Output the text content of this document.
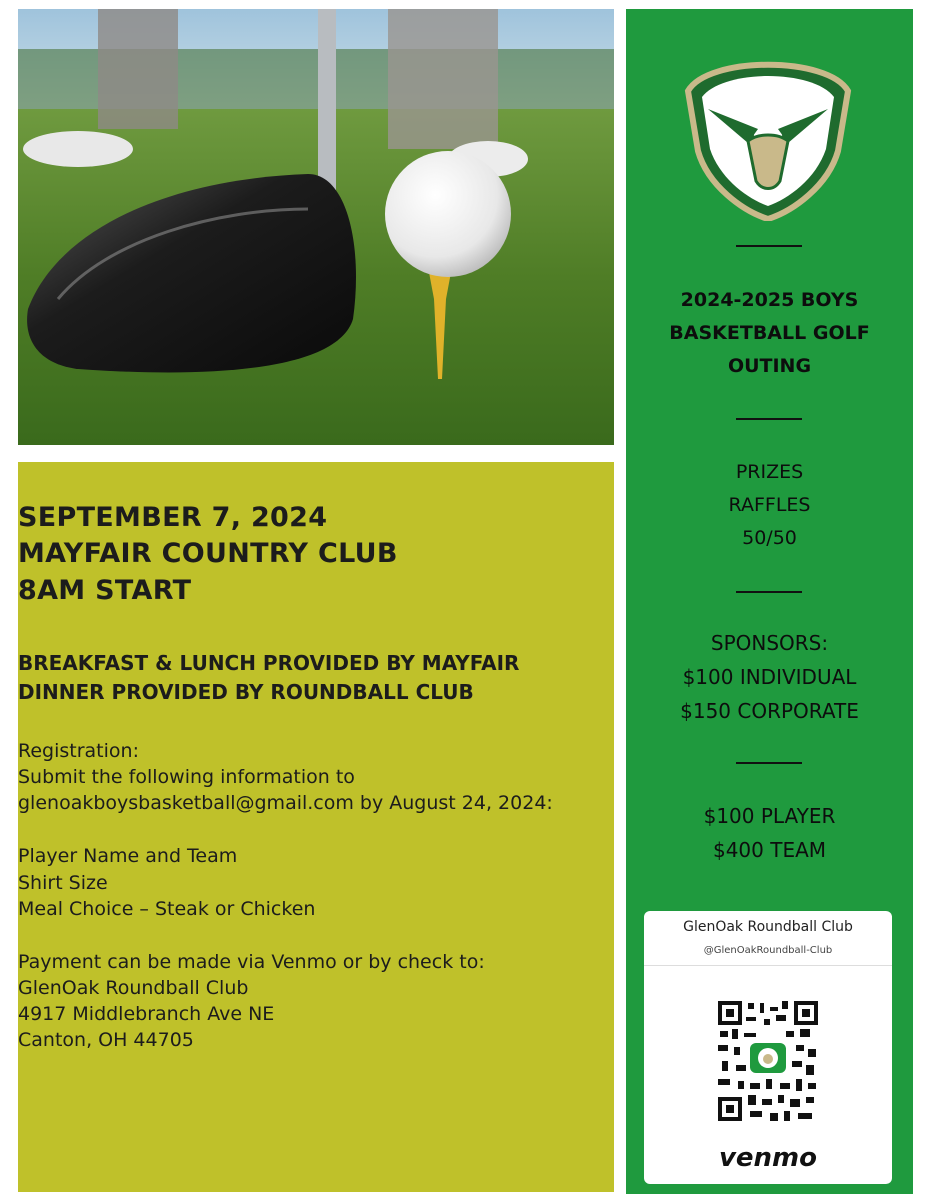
SEPTEMBER 7, 2024
MAYFAIR COUNTRY CLUB
8AM START
BREAKFAST & LUNCH PROVIDED BY MAYFAIR
DINNER PROVIDED BY ROUNDBALL CLUB
Registration:
Submit the following information to
glenoakboysbasketball@gmail.com by August 24, 2024:
Player Name and Team
Shirt Size
Meal Choice – Steak or Chicken
Payment can be made via Venmo or by check to:
GlenOak Roundball Club
4917 Middlebranch Ave NE
Canton, OH 44705
2024-2025 BOYS
BASKETBALL GOLF
OUTING
PRIZES
RAFFLES
50/50
SPONSORS:
$100 INDIVIDUAL
$150 CORPORATE
$100 PLAYER
$400 TEAM
GlenOak Roundball Club
@GlenOakRoundball-Club
venmo
